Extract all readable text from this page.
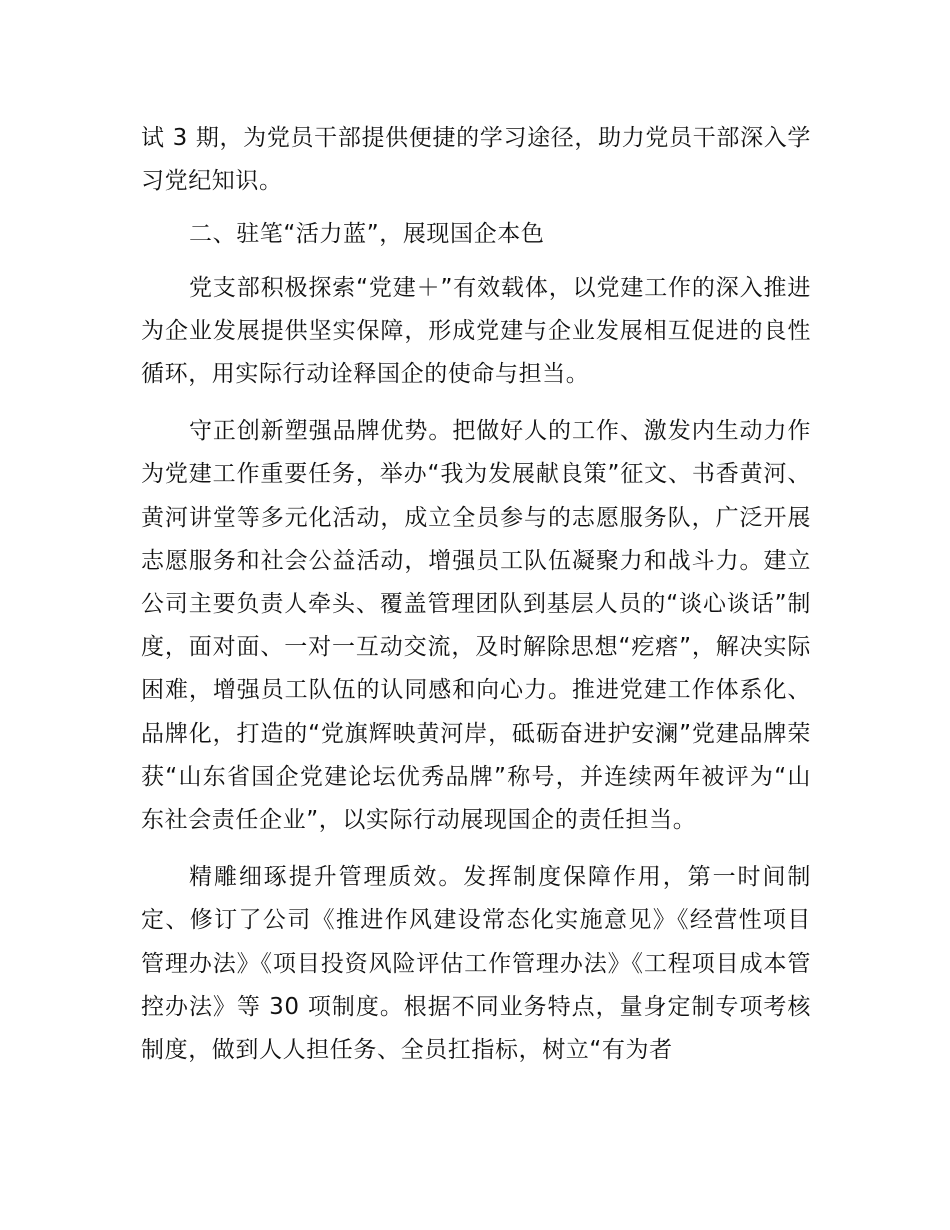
试 3 期，为党员干部提供便捷的学习途径，助力党员干部深入学习党纪知识。

二、驻笔“活力蓝”，展现国企本色

党支部积极探索“党建＋”有效载体，以党建工作的深入推进为企业发展提供坚实保障，形成党建与企业发展相互促进的良性循环，用实际行动诠释国企的使命与担当。

守正创新塑强品牌优势。把做好人的工作、激发内生动力作为党建工作重要任务，举办“我为发展献良策”征文、书香黄河、黄河讲堂等多元化活动，成立全员参与的志愿服务队，广泛开展志愿服务和社会公益活动，增强员工队伍凝聚力和战斗力。建立公司主要负责人牵头、覆盖管理团队到基层人员的“谈心谈话”制度，面对面、一对一互动交流，及时解除思想“疙瘩”，解决实际困难，增强员工队伍的认同感和向心力。推进党建工作体系化、品牌化，打造的“党旗辉映黄河岸，砥砺奋进护安澜”党建品牌荣获“山东省国企党建论坛优秀品牌”称号，并连续两年被评为“山东社会责任企业”，以实际行动展现国企的责任担当。

精雕细琢提升管理质效。发挥制度保障作用，第一时间制定、修订了公司《推进作风建设常态化实施意见》《经营性项目管理办法》《项目投资风险评估工作管理办法》《工程项目成本管控办法》等 30 项制度。根据不同业务特点，量身定制专项考核制度，做到人人担任务、全员扛指标，树立“有为者
